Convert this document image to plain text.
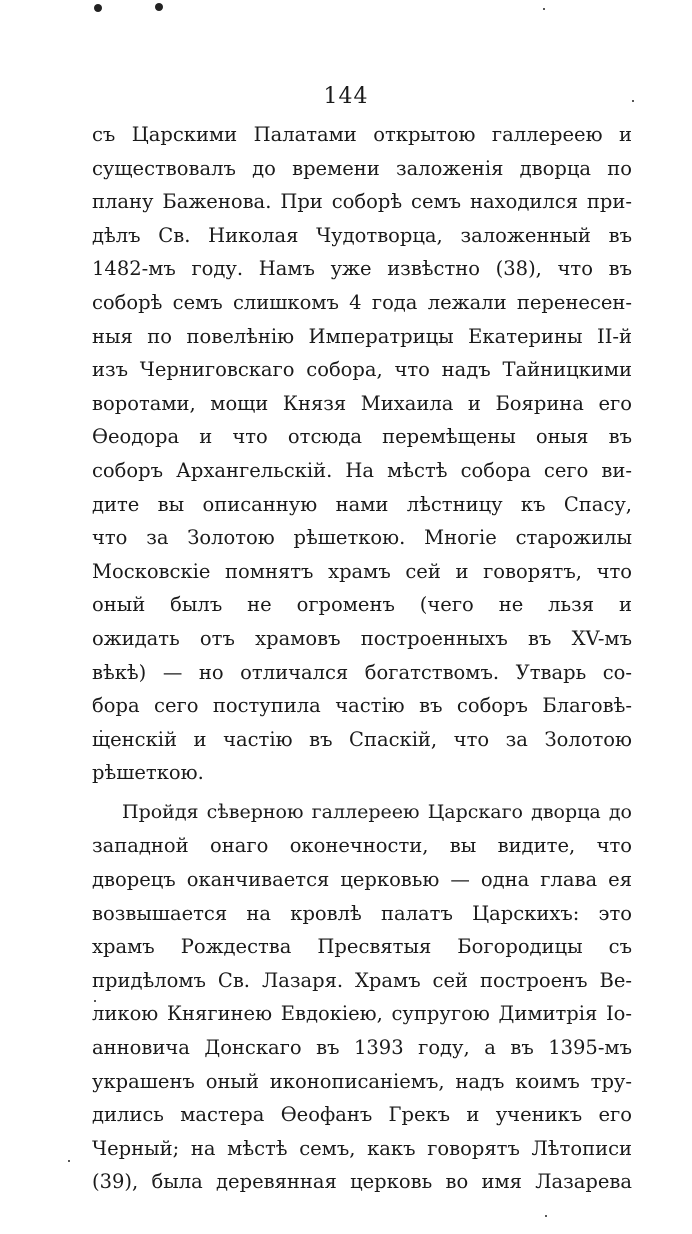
144
съ Царскими Палатами открытою галлереею и
существовалъ до времени заложенія дворца по
плану Баженова. При соборѣ семъ находился при-
дѣлъ Св. Николая Чудотворца, заложенный въ
1482-мъ году. Намъ уже извѣстно (38), что въ
соборѣ семъ слишкомъ 4 года лежали перенесен-
ныя по повелѣнію Императрицы Екатерины II-й
изъ Черниговскаго собора, что надъ Тайницкими
воротами, мощи Князя Михаила и Боярина его
Ѳеодора и что отсюда перемѣщены оныя въ
соборъ Архангельскій. На мѣстѣ собора сего ви-
дите вы описанную нами лѣстницу къ Спасу,
что за Золотою рѣшеткою. Многіе старожилы
Московскіе помнятъ храмъ сей и говорятъ, что
оный былъ не огроменъ (чего не льзя и
ожидать отъ храмовъ построенныхъ въ XV-мъ
вѣкѣ) — но отличался богатствомъ. Утварь со-
бора сего поступила частію въ соборъ Благовѣ-
щенскій и частію въ Спаскій, что за Золотою
рѣшеткою.
Пройдя сѣверною галлереею Царскаго дворца до
западной онаго оконечности, вы видите, что
дворецъ оканчивается церковью — одна глава ея
возвышается на кровлѣ палатъ Царскихъ: это
храмъ Рождества Пресвятыя Богородицы съ
придѣломъ Св. Лазаря. Храмъ сей построенъ Ве-
ликою Княгинею Евдокіею, супругою Димитрія Іо-
анновича Донскаго въ 1393 году, а въ 1395-мъ
украшенъ оный иконописаніемъ, надъ коимъ тру-
дились мастера Ѳеофанъ Грекъ и ученикъ его
Черный; на мѣстѣ семъ, какъ говорятъ Лѣтописи
(39), была деревянная церковь во имя Лазарева
